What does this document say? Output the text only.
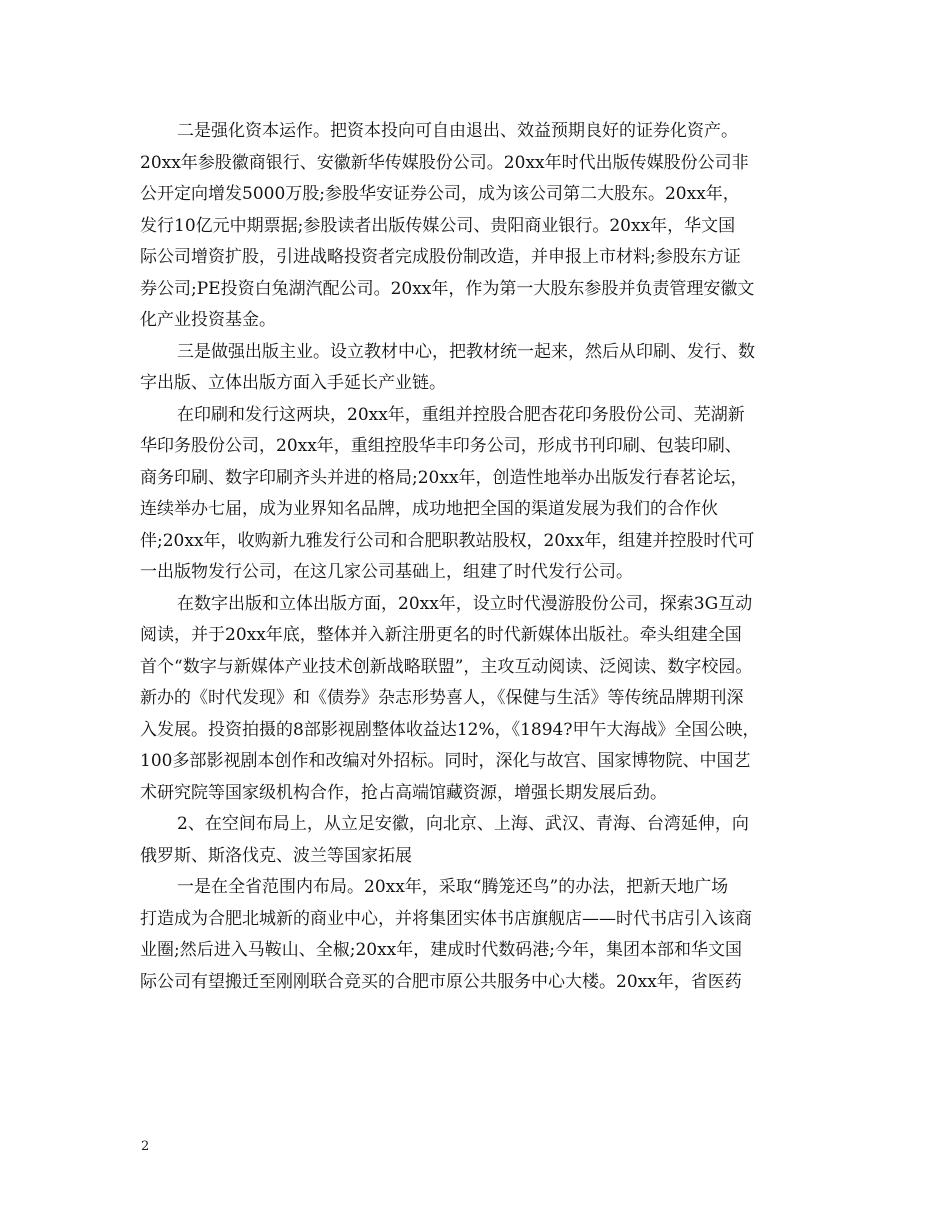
二是强化资本运作。把资本投向可自由退出、效益预期良好的证券化资产。
20xx年参股徽商银行、安徽新华传媒股份公司。20xx年时代出版传媒股份公司非
公开定向增发5000万股;参股华安证券公司，成为该公司第二大股东。20xx年，
发行10亿元中期票据;参股读者出版传媒公司、贵阳商业银行。20xx年，华文国
际公司增资扩股，引进战略投资者完成股份制改造，并申报上市材料;参股东方证
券公司;PE投资白兔湖汽配公司。20xx年，作为第一大股东参股并负责管理安徽文
化产业投资基金。
三是做强出版主业。设立教材中心，把教材统一起来，然后从印刷、发行、数
字出版、立体出版方面入手延长产业链。
在印刷和发行这两块，20xx年，重组并控股合肥杏花印务股份公司、芜湖新
华印务股份公司，20xx年，重组控股华丰印务公司，形成书刊印刷、包装印刷、
商务印刷、数字印刷齐头并进的格局;20xx年，创造性地举办出版发行春茗论坛，
连续举办七届，成为业界知名品牌，成功地把全国的渠道发展为我们的合作伙
伴;20xx年，收购新九雅发行公司和合肥职教站股权，20xx年，组建并控股时代可
一出版物发行公司，在这几家公司基础上，组建了时代发行公司。
在数字出版和立体出版方面，20xx年，设立时代漫游股份公司，探索3G互动
阅读，并于20xx年底，整体并入新注册更名的时代新媒体出版社。牵头组建全国
首个“数字与新媒体产业技术创新战略联盟”，主攻互动阅读、泛阅读、数字校园。
新办的《时代发现》和《债券》杂志形势喜人，《保健与生活》等传统品牌期刊深
入发展。投资拍摄的8部影视剧整体收益达12%，《1894?甲午大海战》全国公映，
100多部影视剧本创作和改编对外招标。同时，深化与故宫、国家博物院、中国艺
术研究院等国家级机构合作，抢占高端馆藏资源，增强长期发展后劲。
2、在空间布局上，从立足安徽，向北京、上海、武汉、青海、台湾延伸，向
俄罗斯、斯洛伐克、波兰等国家拓展
一是在全省范围内布局。20xx年，采取“腾笼还鸟”的办法，把新天地广场
打造成为合肥北城新的商业中心，并将集团实体书店旗舰店——时代书店引入该商
业圈;然后进入马鞍山、全椒;20xx年，建成时代数码港;今年，集团本部和华文国
际公司有望搬迁至刚刚联合竞买的合肥市原公共服务中心大楼。20xx年，省医药
2
